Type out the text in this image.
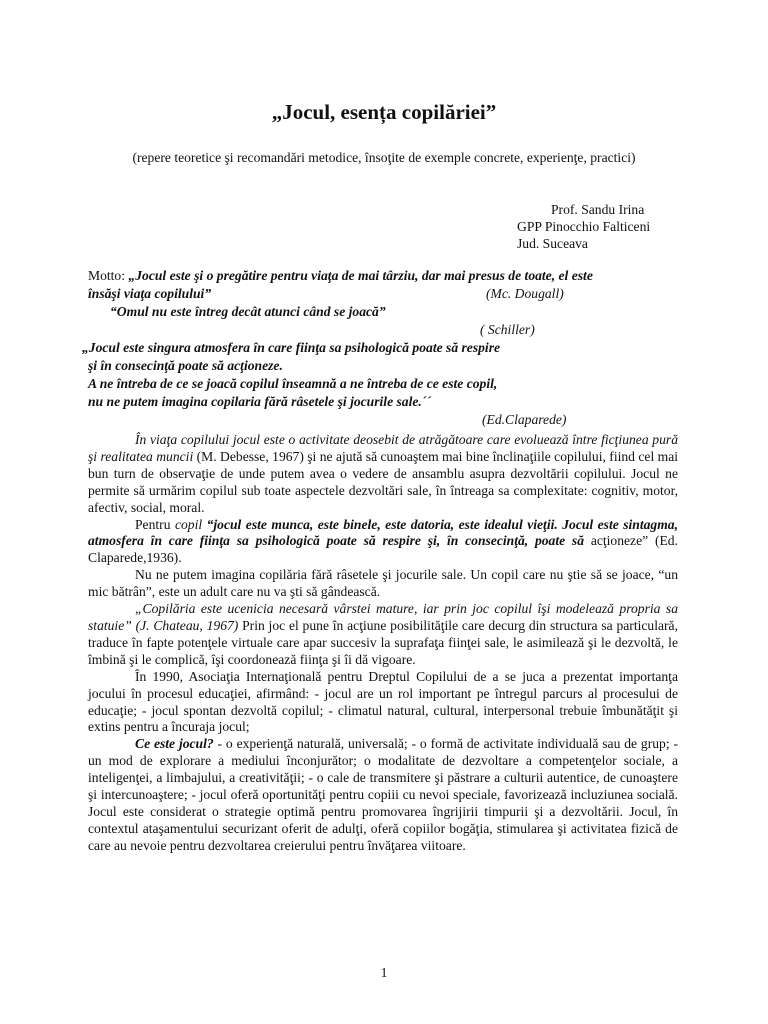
„Jocul, esența copilăriei”
(repere teoretice şi recomandări metodice, însoţite de exemple concrete, experienţe, practici)
Prof. Sandu Irina
GPP Pinocchio Falticeni
Jud. Suceava
Motto: „Jocul este şi o pregătire pentru viaţa de mai târziu, dar mai presus de toate, el este
însăşi viaţa copilului”	(Mc. Dougall)
“Omul nu este întreg decât atunci când se joacă”
( Schiller)
„Jocul este singura atmosfera în care fiinţa sa psihologică poate să respire
şi în consecinţă poate să acţioneze.
A ne întreba de ce se joacă copilul înseamnă a ne întreba de ce este copil,
nu ne putem imagina copilaria fără râsetele şi jocurile sale.´´
(Ed.Claparede)

În viaţa copilului jocul este o activitate deosebit de atrăgătoare care evoluează între ficţiunea pură şi realitatea muncii (M. Debesse, 1967) şi ne ajută să cunoaştem mai bine înclinaţiile copilului, fiind cel mai bun turn de observaţie de unde putem avea o vedere de ansamblu asupra dezvoltării copilului. Jocul ne permite să urmărim copilul sub toate aspectele dezvoltări sale, în întreaga sa complexitate: cognitiv, motor, afectiv, social, moral.

Pentru copil “jocul este munca, este binele, este datoria, este idealul vieţii. Jocul este sintagma, atmosfera în care fiinţa sa psihologică poate să respire şi, în consecinţă, poate să acţioneze” (Ed. Claparede,1936).

Nu ne putem imagina copilăria fără râsetele şi jocurile sale. Un copil care nu ştie să se joace, “un mic bătrân”, este un adult care nu va şti să gândească.

„Copilăria este ucenicia necesară vârstei mature, iar prin joc copilul îşi modelează propria sa statuie” (J. Chateau, 1967) Prin joc el pune în acţiune posibilităţile care decurg din structura sa particulară, traduce în fapte potenţele virtuale care apar succesiv la suprafaţa fiinţei sale, le asimilează şi le dezvoltă, le îmbină şi le complică, îşi coordonează fiinţa şi îi dă vigoare.

În 1990, Asociaţia Internaţională pentru Dreptul Copilului de a se juca a prezentat importanţa jocului în procesul educaţiei, afirmând: - jocul are un rol important pe întregul parcurs al procesului de educaţie; - jocul spontan dezvoltă copilul; - climatul natural, cultural, interpersonal trebuie îmbunătăţit şi extins pentru a încuraja jocul;

Ce este jocul? - o experienţă naturală, universală; - o formă de activitate individuală sau de grup; - un mod de explorare a mediului înconjurător; o modalitate de dezvoltare a competenţelor sociale, a inteligenţei, a limbajului, a creativităţii; - o cale de transmitere şi păstrare a culturii autentice, de cunoaştere şi intercunoaştere; - jocul oferă oportunităţi pentru copiii cu nevoi speciale, favorizează incluziunea socială. Jocul este considerat o strategie optimă pentru promovarea îngrijirii timpurii şi a dezvoltării. Jocul, în contextul ataşamentului securizant oferit de adulţi, oferă copiilor bogăţia, stimularea şi activitatea fizică de care au nevoie pentru dezvoltarea creierului pentru învăţarea viitoare.

1
